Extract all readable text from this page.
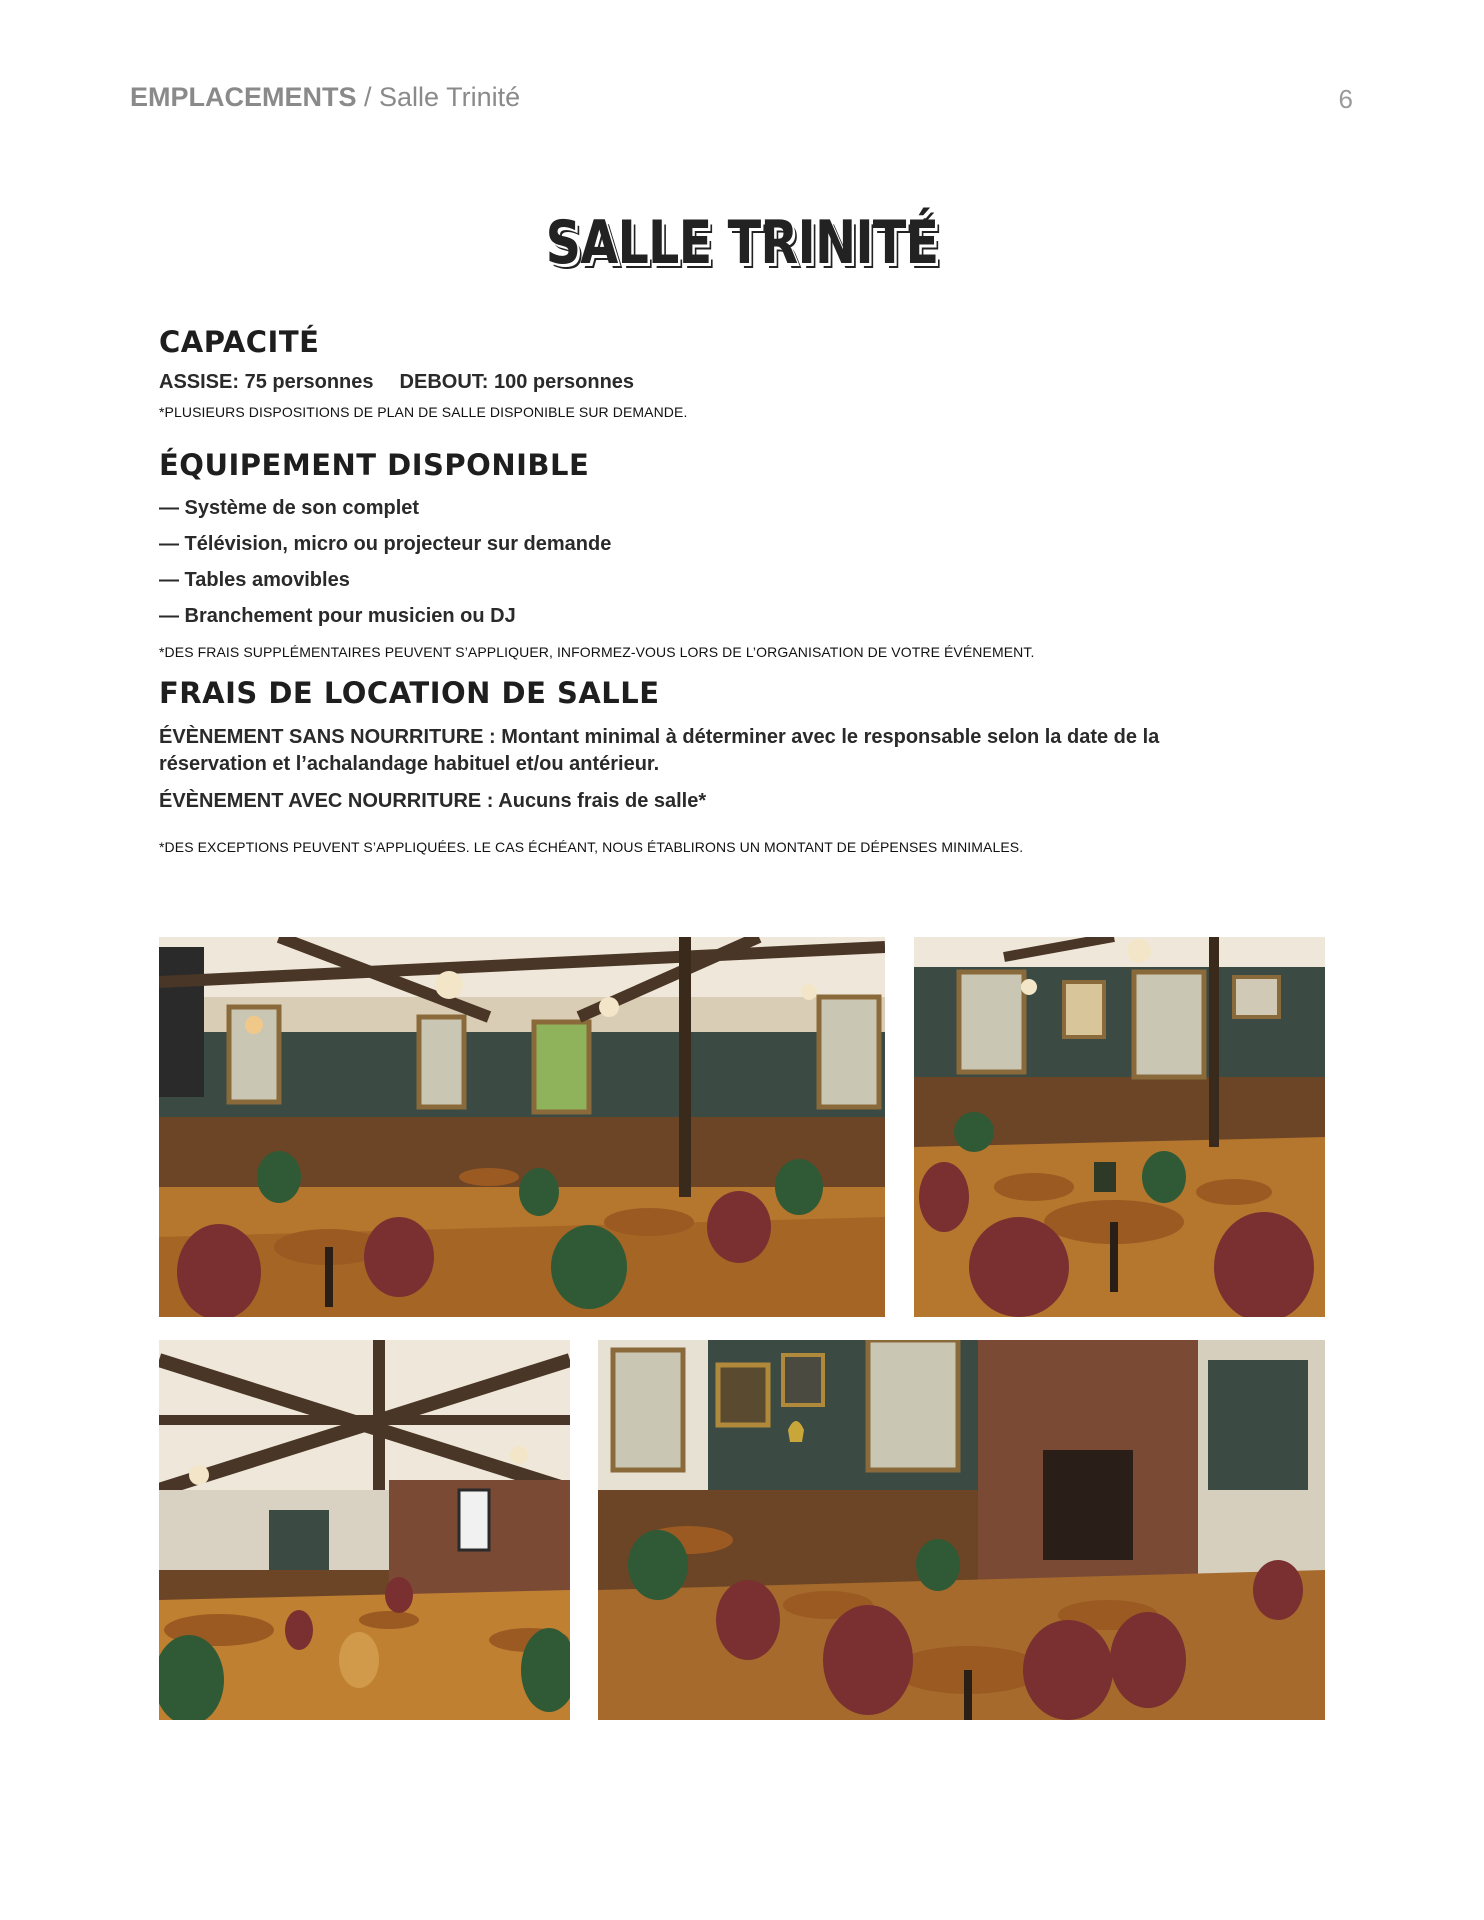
EMPLACEMENTS / Salle Trinité	6
SALLE TRINITÉ
CAPACITÉ
ASSISE: 75 personnes DEBOUT: 100 personnes
*PLUSIEURS DISPOSITIONS DE PLAN DE SALLE DISPONIBLE SUR DEMANDE.
ÉQUIPEMENT DISPONIBLE
— Système de son complet
— Télévision, micro ou projecteur sur demande
— Tables amovibles
— Branchement pour musicien ou DJ
*DES FRAIS SUPPLÉMENTAIRES PEUVENT S’APPLIQUER, INFORMEZ-VOUS LORS DE L’ORGANISATION DE VOTRE ÉVÉNEMENT.
FRAIS DE LOCATION DE SALLE
ÉVÈNEMENT SANS NOURRITURE : Montant minimal à déterminer avec le responsable selon la date de la réservation et l’achalandage habituel et/ou antérieur.
ÉVÈNEMENT AVEC NOURRITURE : Aucuns frais de salle*
*DES EXCEPTIONS PEUVENT S’APPLIQUÉES. LE CAS ÉCHÉANT, NOUS ÉTABLIRONS UN MONTANT DE DÉPENSES MINIMALES.
